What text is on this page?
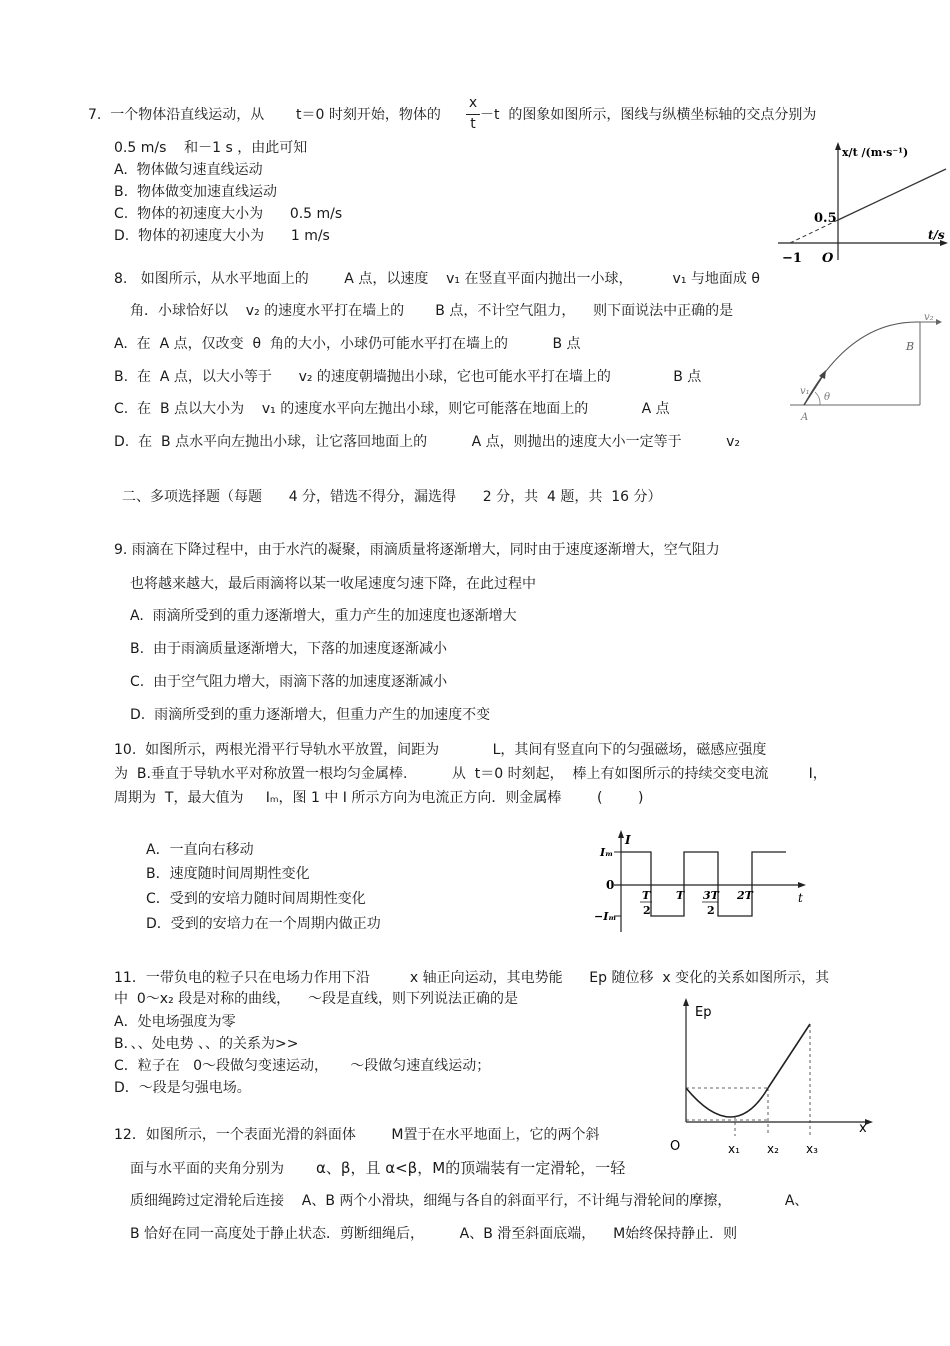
7.  一个物体沿直线运动，从 t＝0 时刻开始，物体的
x
t
－t  的图象如图所示，图线与纵横坐标轴的交点分别为
0.5 m/s    和－1 s ，由此可知
A.  物体做匀速直线运动
B.  物体做变加速直线运动
C.  物体的初速度大小为      0.5 m/s
D.  物体的初速度大小为      1 m/s
x/t /(m·s⁻¹)
t/s
0.5
−1 O
8.   如图所示，从水平地面上的        A 点，以速度    v₁ 在竖直平面内抛出一小球，         v₁ 与地面成 θ
角．小球恰好以    v₂ 的速度水平打在墙上的       B 点，不计空气阻力，    则下面说法中正确的是
A.  在  A 点，仅改变  θ  角的大小，小球仍可能水平打在墙上的          B 点
B.  在  A 点，以大小等于      v₂ 的速度朝墙抛出小球，它也可能水平打在墙上的              B 点
C.  在  B 点以大小为    v₁ 的速度水平向左抛出小球，则它可能落在地面上的            A 点
D.  在  B 点水平向左抛出小球，让它落回地面上的          A 点，则抛出的速度大小一定等于          v₂
v₂
B
v₁
θ
A
二、多项选择题（每题      4 分，错选不得分，漏选得      2 分，共  4 题，共  16 分）
9. 雨滴在下降过程中，由于水汽的凝聚，雨滴质量将逐渐增大，同时由于速度逐渐增大，空气阻力
也将越来越大，最后雨滴将以某一收尾速度匀速下降，在此过程中
A.  雨滴所受到的重力逐渐增大，重力产生的加速度也逐渐增大
B.  由于雨滴质量逐渐增大，下落的加速度逐渐减小
C.  由于空气阻力增大，雨滴下落的加速度逐渐减小
D.  雨滴所受到的重力逐渐增大，但重力产生的加速度不变
10.  如图所示，两根光滑平行导轨水平放置，间距为            L，其间有竖直向下的匀强磁场，磁感应强度
为  B.垂直于导轨水平对称放置一根均匀金属棒.          从  t＝0 时刻起，  棒上有如图所示的持续交变电流         I，
周期为  T，最大值为     Iₘ，图 1 中 I 所示方向为电流正方向．则金属棒        (        )
A．一直向右移动
B．速度随时间周期性变化
C．受到的安培力随时间周期性变化
D．受到的安培力在一个周期内做正功
I
Iₘ
0
−Iₘ
t
T
2
T 3T
2
2T
11．一带负电的粒子只在电场力作用下沿         x 轴正向运动，其电势能      Ep 随位移  x 变化的关系如图所示，其
中  0～x₂ 段是对称的曲线，    ～段是直线，则下列说法正确的是
A．处电场强度为零
B．、、处电势 、、的关系为>>
C．粒子在   0～段做匀变速运动，     ～段做匀速直线运动；
D．～段是匀强电场。
Ep
x
O	x₁ x₂ x₃
12．如图所示，一个表面光滑的斜面体        M置于在水平地面上，它的两个斜
面与水平面的夹角分别为 α、β，且 α<β，M的顶端装有一定滑轮，一轻
质细绳跨过定滑轮后连接    A、B 两个小滑块，细绳与各自的斜面平行，不计绳与滑轮间的摩擦，            A、
B 恰好在同一高度处于静止状态．剪断细绳后，        A、B 滑至斜面底端，    M始终保持静止．则
